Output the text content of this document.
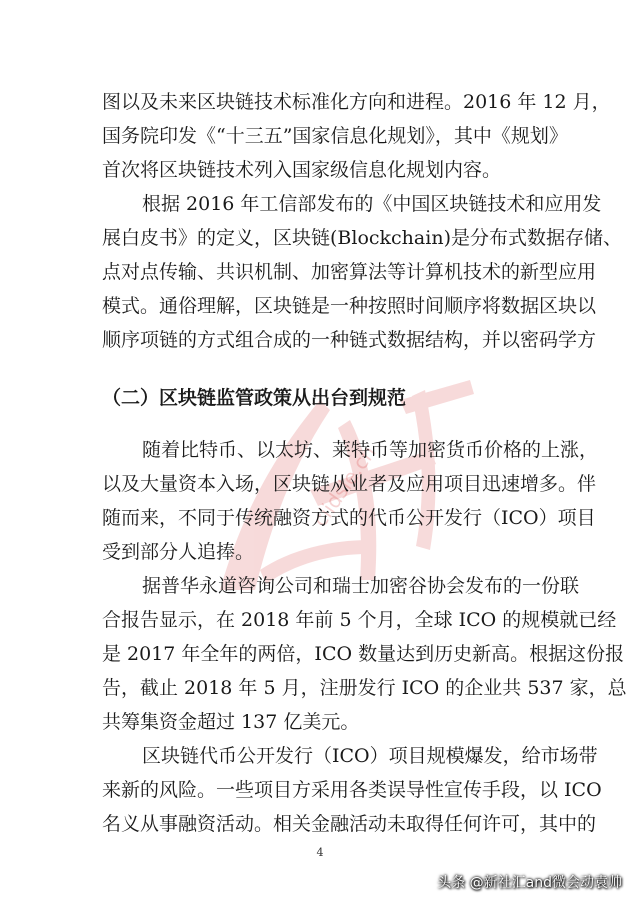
ciidsle.cn
图以及未来区块链技术标准化方向和进程。2016 年 12 月，
国务院印发《“十三五”国家信息化规划》，其中《规划》
首次将区块链技术列入国家级信息化规划内容。
根据 2016 年工信部发布的《中国区块链技术和应用发
展白皮书》的定义，区块链(Blockchain)是分布式数据存储、
点对点传输、共识机制、加密算法等计算机技术的新型应用
模式。通俗理解，区块链是一种按照时间顺序将数据区块以
顺序项链的方式组合成的一种链式数据结构，并以密码学方
（二）区块链监管政策从出台到规范
随着比特币、以太坊、莱特币等加密货币价格的上涨，
以及大量资本入场，区块链从业者及应用项目迅速增多。伴
随而来，不同于传统融资方式的代币公开发行（ICO）项目
受到部分人追捧。
据普华永道咨询公司和瑞士加密谷协会发布的一份联
合报告显示，在 2018 年前 5 个月，全球 ICO 的规模就已经
是 2017 年全年的两倍，ICO 数量达到历史新高。根据这份报
告，截止 2018 年 5 月，注册发行 ICO 的企业共 537 家，总
共筹集资金超过 137 亿美元。
区块链代币公开发行（ICO）项目规模爆发，给市场带
来新的风险。一些项目方采用各类误导性宣传手段，以 ICO
名义从事融资活动。相关金融活动未取得任何许可，其中的
4
头条 @新社汇and微会动袁帅
